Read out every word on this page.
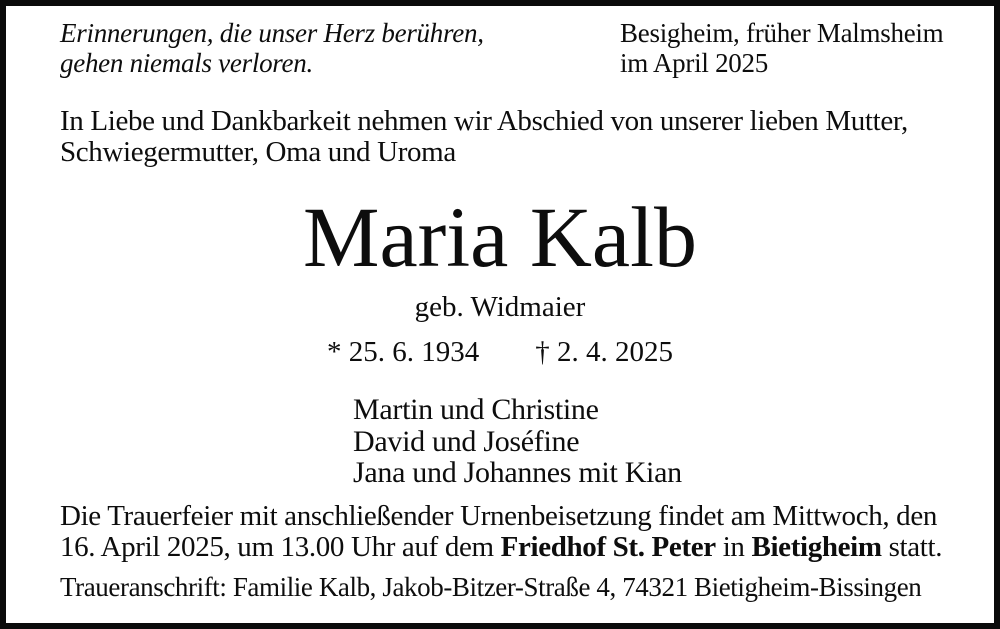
Erinnerungen, die unser Herz berühren,
gehen niemals verloren.
Besigheim, früher Malmsheim
im April 2025
In Liebe und Dankbarkeit nehmen wir Abschied von unserer lieben Mutter,
Schwiegermutter, Oma und Uroma
Maria Kalb
geb. Widmaier
* 25. 6. 1934 † 2. 4. 2025
Martin und Christine
David und Joséfine
Jana und Johannes mit Kian
Die Trauerfeier mit anschließender Urnenbeisetzung findet am Mittwoch, den
16. April 2025, um 13.00 Uhr auf dem Friedhof St. Peter in Bietigheim statt.
Traueranschrift: Familie Kalb, Jakob-Bitzer-Straße 4, 74321 Bietigheim-Bissingen
